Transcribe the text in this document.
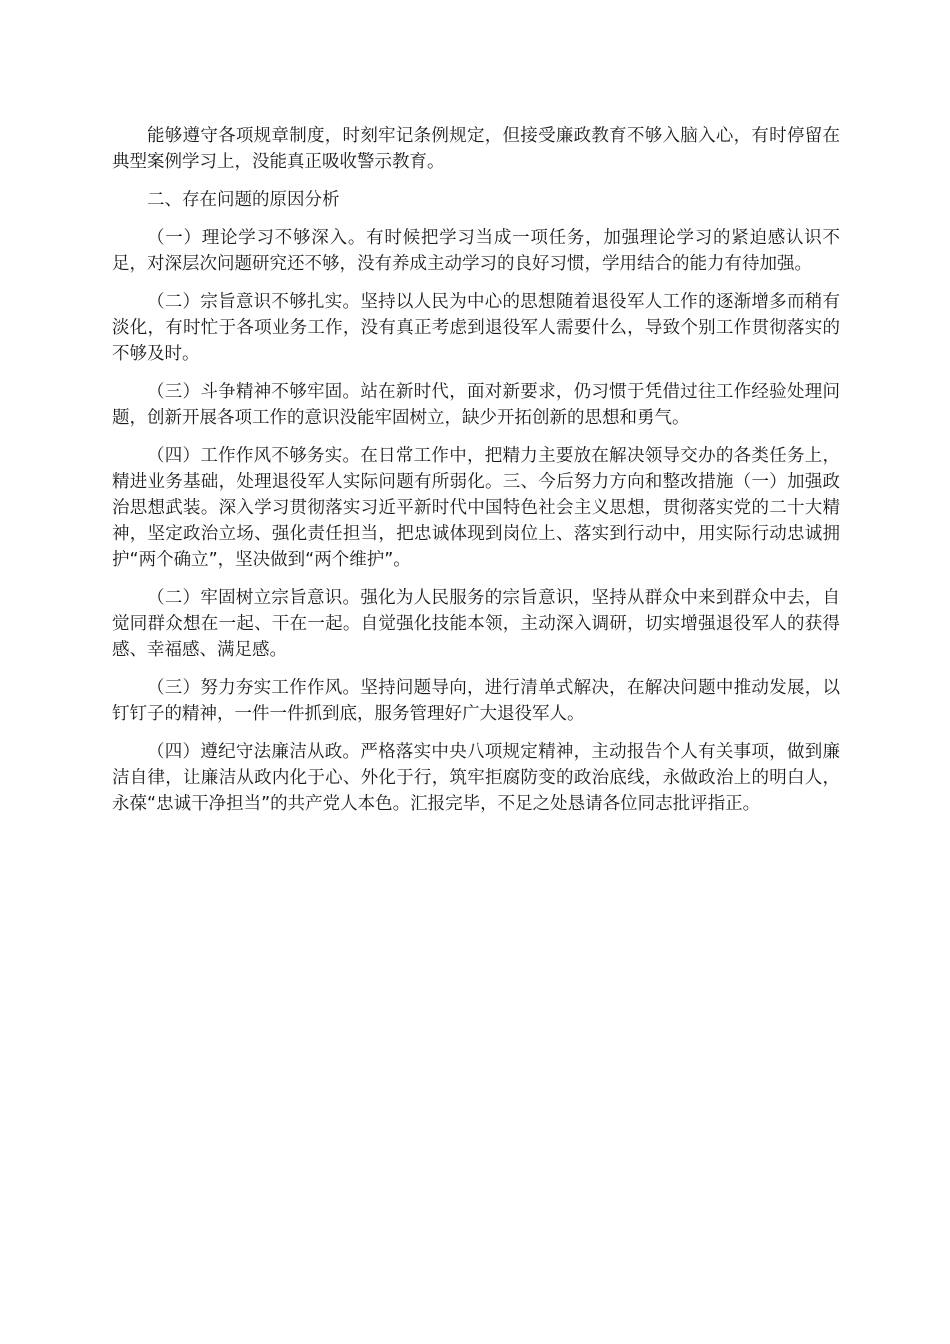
能够遵守各项规章制度，时刻牢记条例规定，但接受廉政教育不够入脑入心，有时停留在典型案例学习上，没能真正吸收警示教育。

二、存在问题的原因分析

（一）理论学习不够深入。有时候把学习当成一项任务，加强理论学习的紧迫感认识不足，对深层次问题研究还不够，没有养成主动学习的良好习惯，学用结合的能力有待加强。

（二）宗旨意识不够扎实。坚持以人民为中心的思想随着退役军人工作的逐渐增多而稍有淡化，有时忙于各项业务工作，没有真正考虑到退役军人需要什么，导致个别工作贯彻落实的不够及时。

（三）斗争精神不够牢固。站在新时代，面对新要求，仍习惯于凭借过往工作经验处理问题，创新开展各项工作的意识没能牢固树立，缺少开拓创新的思想和勇气。

（四）工作作风不够务实。在日常工作中，把精力主要放在解决领导交办的各类任务上，精进业务基础，处理退役军人实际问题有所弱化。三、今后努力方向和整改措施（一）加强政治思想武装。深入学习贯彻落实习近平新时代中国特色社会主义思想，贯彻落实党的二十大精神，坚定政治立场、强化责任担当，把忠诚体现到岗位上、落实到行动中，用实际行动忠诚拥护“两个确立”，坚决做到“两个维护”。

（二）牢固树立宗旨意识。强化为人民服务的宗旨意识，坚持从群众中来到群众中去，自觉同群众想在一起、干在一起。自觉强化技能本领，主动深入调研，切实增强退役军人的获得感、幸福感、满足感。

（三）努力夯实工作作风。坚持问题导向，进行清单式解决，在解决问题中推动发展，以钉钉子的精神，一件一件抓到底，服务管理好广大退役军人。

（四）遵纪守法廉洁从政。严格落实中央八项规定精神，主动报告个人有关事项，做到廉洁自律，让廉洁从政内化于心、外化于行，筑牢拒腐防变的政治底线，永做政治上的明白人，永葆“忠诚干净担当”的共产党人本色。汇报完毕，不足之处恳请各位同志批评指正。
